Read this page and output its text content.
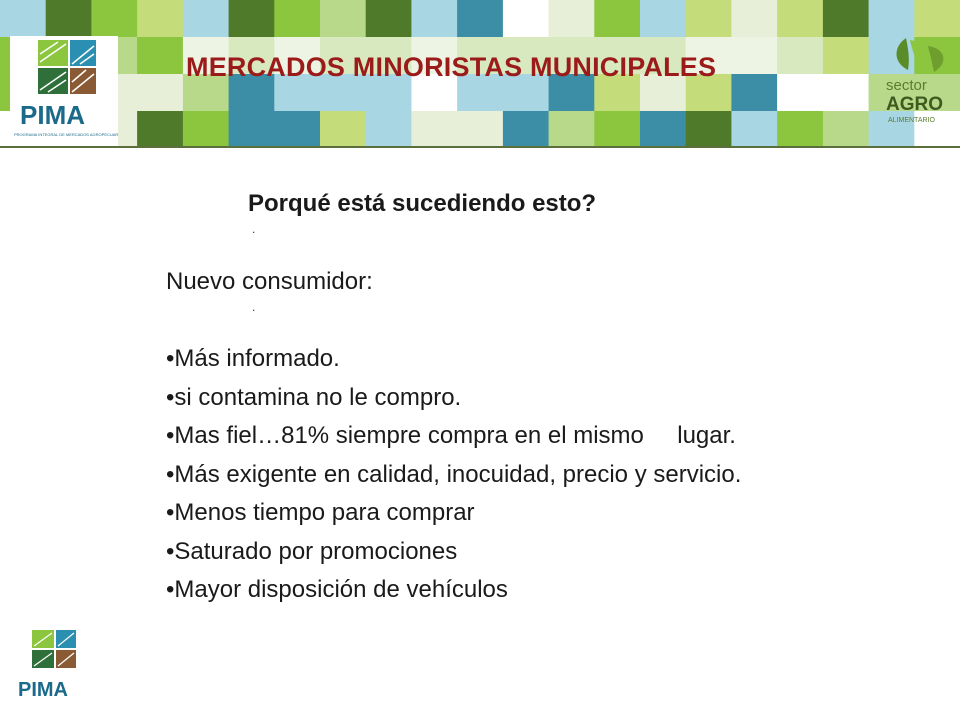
PIMA
PROGRAMA INTEGRAL DE MERCADOS AGROPECUARIOS
MERCADOS MINORISTAS MUNICIPALES
sector
AGRO
ALIMENTARIO
Porqué está sucediendo esto?
.
Nuevo consumidor:
.
•Más informado.
•si contamina no le compro.
•Mas fiel…81% siempre compra en el mismo     lugar.
•Más exigente en calidad, inocuidad, precio y servicio.
•Menos tiempo para comprar
•Saturado por promociones
•Mayor disposición de vehículos
PIMA
